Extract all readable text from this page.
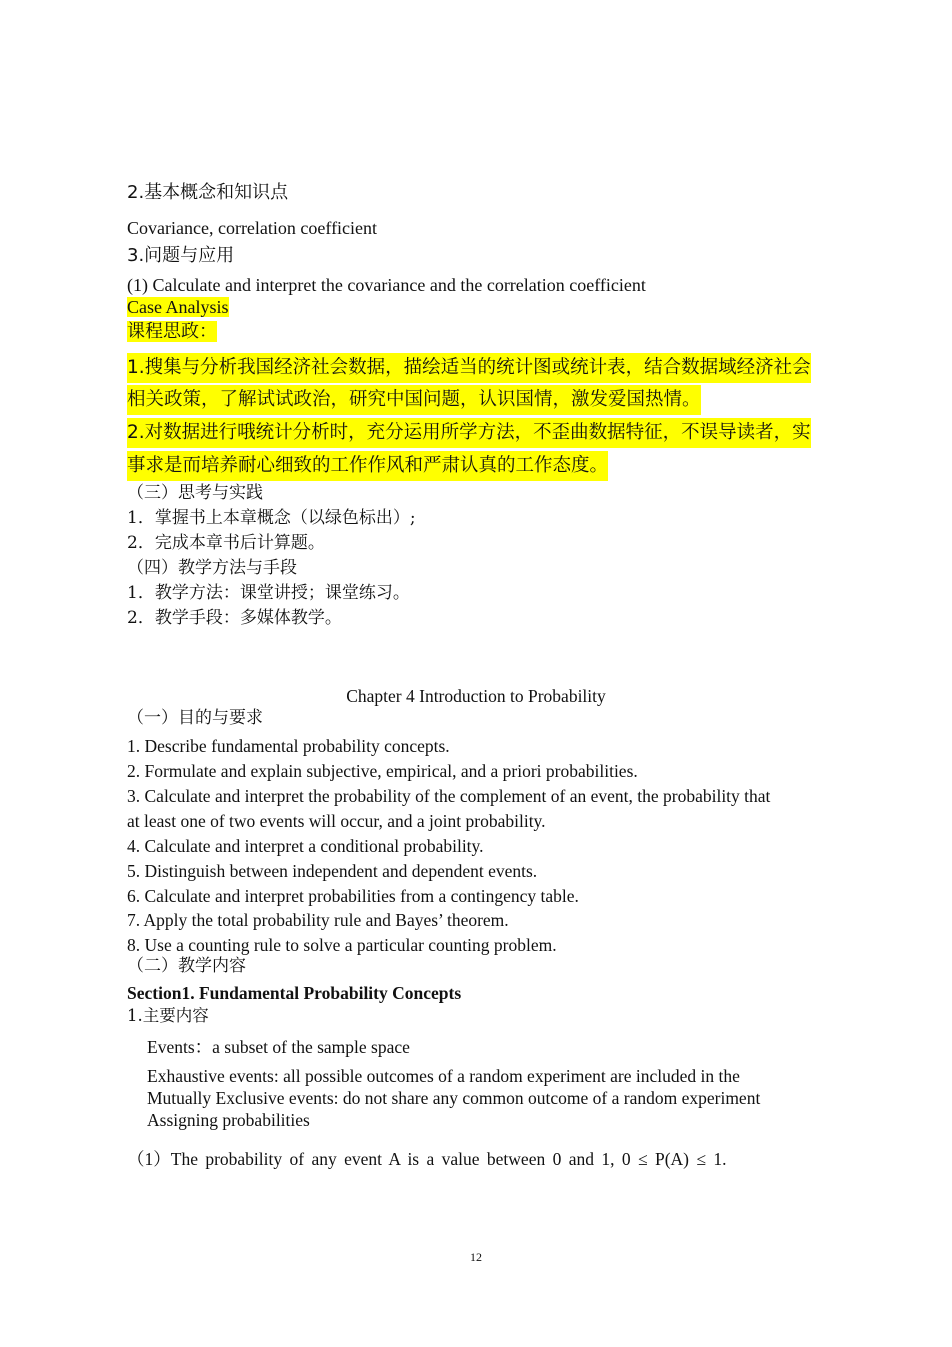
2.基本概念和知识点
Covariance, correlation coefficient
3.问题与应用
(1) Calculate and interpret the covariance and the correlation coefficient
Case Analysis
课程思政：
1.搜集与分析我国经济社会数据，描绘适当的统计图或统计表，结合数据域经济社会
相关政策，了解试试政治，研究中国问题，认识国情，激发爱国热情。
2.对数据进行哦统计分析时，充分运用所学方法，不歪曲数据特征，不误导读者，实
事求是而培养耐心细致的工作作风和严肃认真的工作态度。
（三）思考与实践
1．掌握书上本章概念（以绿色标出）;
2．完成本章书后计算题。
（四）教学方法与手段
1．教学方法：课堂讲授；课堂练习。
2．教学手段：多媒体教学。
Chapter 4 Introduction to Probability
（一）目的与要求
1. Describe fundamental probability concepts.
2. Formulate and explain subjective, empirical, and a priori probabilities.
3. Calculate and interpret the probability of the complement of an event, the probability that
at least one of two events will occur, and a joint probability.
4. Calculate and interpret a conditional probability.
5. Distinguish between independent and dependent events.
6. Calculate and interpret probabilities from a contingency table.
7. Apply the total probability rule and Bayes’ theorem.
8. Use a counting rule to solve a particular counting problem.
（二）教学内容
Section1. Fundamental Probability Concepts
1.主要内容
Events：a subset of the sample space
Exhaustive events: all possible outcomes of a random experiment are included in the
Mutually Exclusive events: do not share any common outcome of a random experiment
Assigning probabilities
（1）The probability of any event A is a value between 0 and 1, 0 ≤ P(A) ≤ 1.
12
